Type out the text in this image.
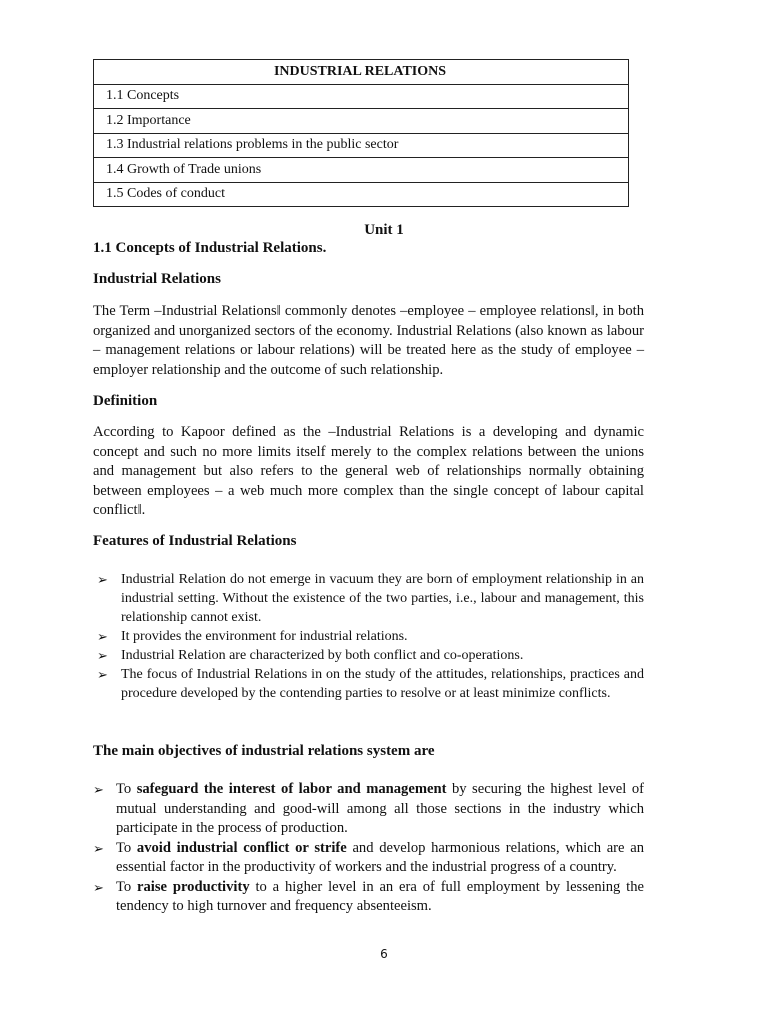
INDUSTRIAL RELATIONS
1.1 Concepts
1.2 Importance
1.3 Industrial relations problems in the public sector
1.4 Growth of Trade unions
1.5 Codes of conduct
Unit 1
1.1 Concepts of Industrial Relations.
Industrial Relations
The Term –Industrial Relations‖ commonly denotes –employee – employee relations‖, in both organized and unorganized sectors of the economy. Industrial Relations (also known as labour – management relations or labour relations) will be treated here as the study of employee – employer relationship and the outcome of such relationship.
Definition
According to Kapoor defined as the –Industrial Relations is a developing and dynamic concept and such no more limits itself merely to the complex relations between the unions and management but also refers to the general web of relationships normally obtaining between employees – a web much more complex than the single concept of labour capital conflict‖.
Features of Industrial Relations
➢ Industrial Relation do not emerge in vacuum they are born of employment relationship in an industrial setting. Without the existence of the two parties, i.e., labour and management, this relationship cannot exist.
➢ It provides the environment for industrial relations.
➢ Industrial Relation are characterized by both conflict and co-operations.
➢ The focus of Industrial Relations in on the study of the attitudes, relationships, practices and procedure developed by the contending parties to resolve or at least minimize conflicts.
The main objectives of industrial relations system are
➢ To safeguard the interest of labor and management by securing the highest level of mutual understanding and good-will among all those sections in the industry which participate in the process of production.
➢ To avoid industrial conflict or strife and develop harmonious relations, which are an essential factor in the productivity of workers and the industrial progress of a country.
➢ To raise productivity to a higher level in an era of full employment by lessening the tendency to high turnover and frequency absenteeism.
6
